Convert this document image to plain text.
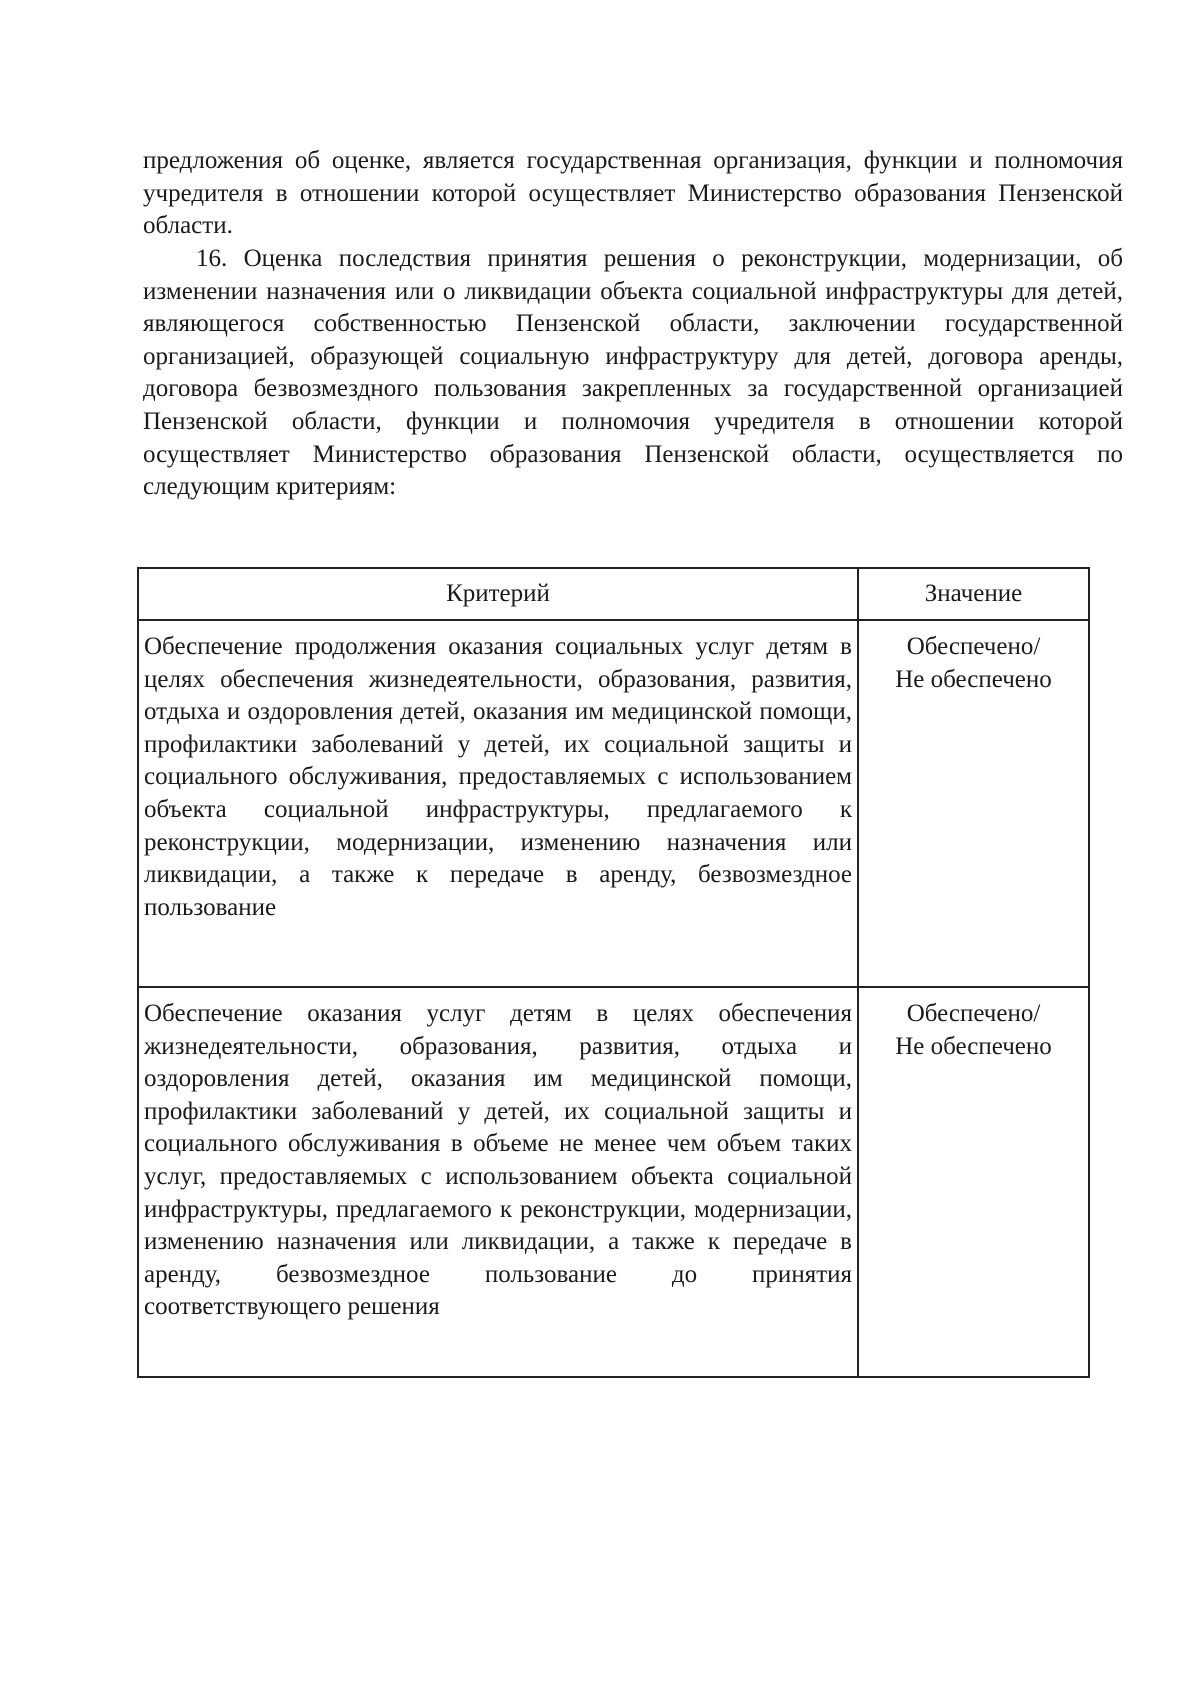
предложения об оценке, является государственная организация, функции и полномочия учредителя в отношении которой осуществляет Министерство образования Пензенской области.

16. Оценка последствия принятия решения о реконструкции, модернизации, об изменении назначения или о ликвидации объекта социальной инфраструктуры для детей, являющегося собственностью Пензенской области, заключении государственной организацией, образующей социальную инфраструктуру для детей, договора аренды, договора безвозмездного пользования закрепленных за государственной организацией Пензенской области, функции и полномочия учредителя в отношении которой осуществляет Министерство образования Пензенской области, осуществляется по следующим критериям:

Критерий	Значение
Обеспечение продолжения оказания социальных услуг детям в целях обеспечения жизнедеятельности, образования, развития, отдыха и оздоровления детей, оказания им медицинской помощи, профилактики заболеваний у детей, их социальной защиты и социального обслуживания, предоставляемых с использованием объекта социальной инфраструктуры, предлагаемого к реконструкции, модернизации, изменению назначения или ликвидации, а также к передаче в аренду, безвозмездное пользование	Обеспечено/
Не обеспечено

Обеспечение оказания услуг детям в целях обеспечения жизнедеятельности, образования, развития, отдыха и оздоровления детей, оказания им медицинской помощи, профилактики заболеваний у детей, их социальной защиты и социального обслуживания в объеме не менее чем объем таких услуг, предоставляемых с использованием объекта социальной инфраструктуры, предлагаемого к реконструкции, модернизации, изменению назначения или ликвидации, а также к передаче в аренду, безвозмездное пользование до принятия соответствующего решения	Обеспечено/
Не обеспечено
